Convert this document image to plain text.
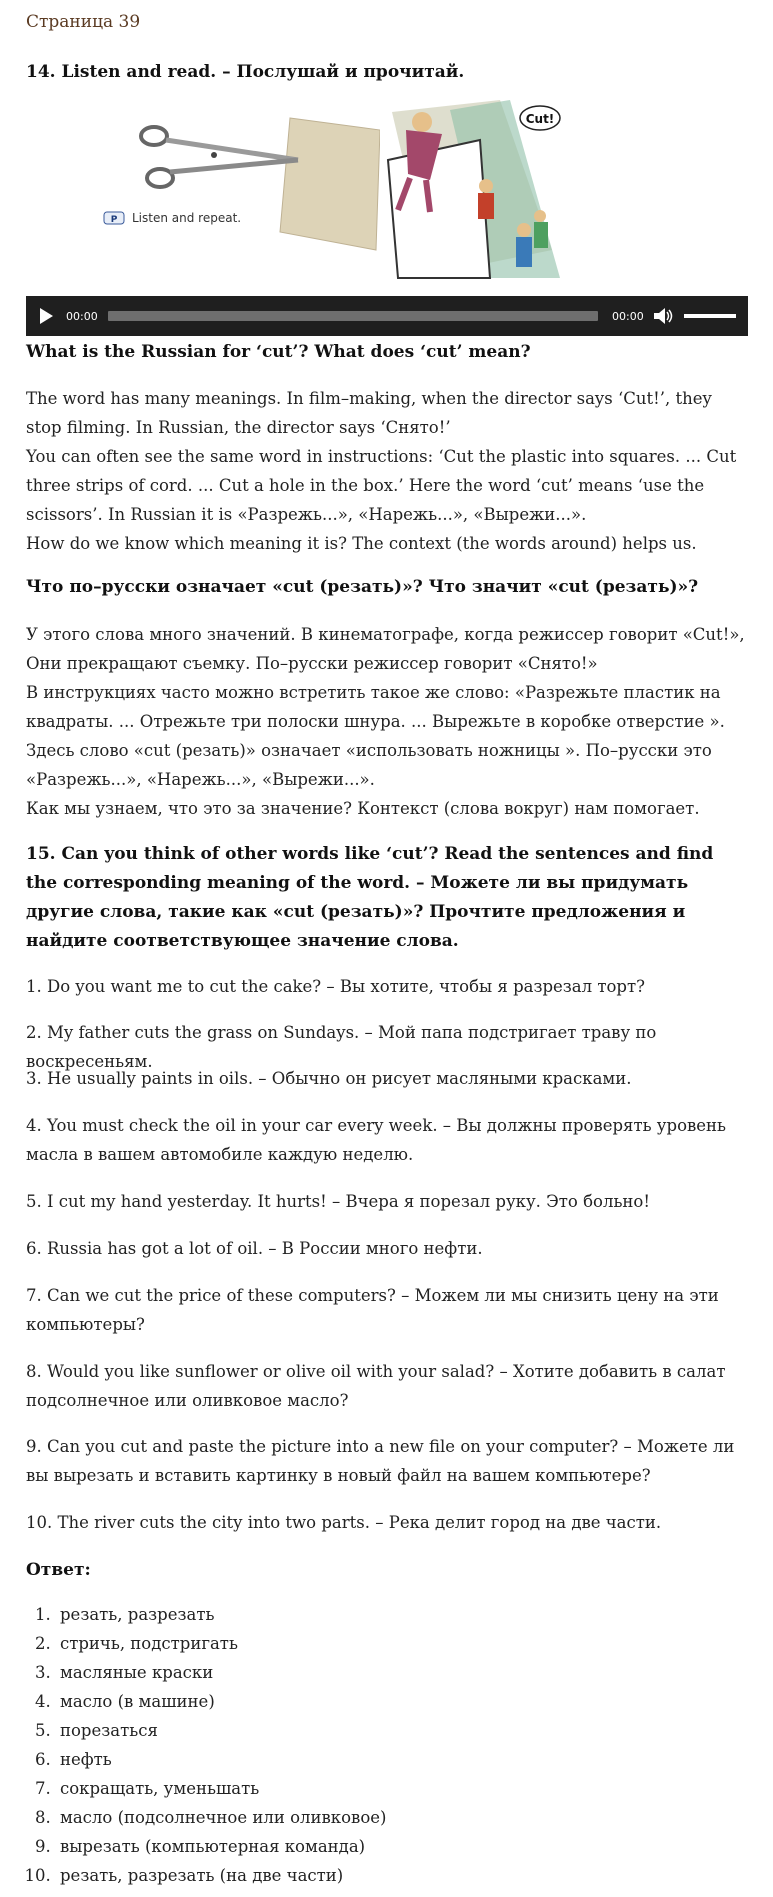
Страница 39
14. Listen and read. – Послушай и прочитай.
P Listen and repeat.
Cut!
00:00	00:00
What is the Russian for ‘cut’? What does ‘cut’ mean?
The word has many meanings. In film–making, when the director says ‘Cut!’, they stop filming. In Russian, the director says ‘Снято!’
You can often see the same word in instructions: ‘Cut the plastic into squares. ... Cut three strips of cord. ... Cut a hole in the box.’ Here the word ‘cut’ means ‘use the scissors’. In Russian it is «Разрежь...», «Нарежь...», «Вырежи...».
How do we know which meaning it is? The context (the words around) helps us.
Что по–русски означает «cut (резать)»? Что значит «cut (резать)»?
У этого слова много значений. В кинематографе, когда режиссер говорит «Cut!», Они прекращают съемку. По–русски режиссер говорит «Снято!»
В инструкциях часто можно встретить такое же слово: «Разрежьте пластик на квадраты. ... Отрежьте три полоски шнура. ... Вырежьте в коробке отверстие ». Здесь слово «cut (резать)» означает «использовать ножницы ». По–русски это «Разрежь...», «Нарежь...», «Вырежи...».
Как мы узнаем, что это за значение? Контекст (слова вокруг) нам помогает.
15. Can you think of other words like ‘cut’? Read the sentences and find the corresponding meaning of the word. – Можете ли вы придумать другие слова, такие как «cut (резать)»? Прочтите предложения и найдите соответствующее значение слова.
1. Do you want me to cut the cake? – Вы хотите, чтобы я разрезал торт?
2. My father cuts the grass on Sundays. – Мой папа подстригает траву по воскресеньям.
3. He usually paints in oils. – Обычно он рисует масляными красками.
4. You must check the oil in your car every week. – Вы должны проверять уровень масла в вашем автомобиле каждую неделю.
5. I cut my hand yesterday. It hurts! – Вчера я порезал руку. Это больно!
6. Russia has got a lot of oil. – В России много нефти.
7. Can we cut the price of these computers? – Можем ли мы снизить цену на эти компьютеры?
8. Would you like sunflower or olive oil with your salad? – Хотите добавить в салат подсолнечное или оливковое масло?
9. Can you cut and paste the picture into a new file on your computer? – Можете ли вы вырезать и вставить картинку в новый файл на вашем компьютере?
10. The river cuts the city into two parts. – Река делит город на две части.
Ответ:
1. резать, разрезать
2. стричь, подстригать
3. масляные краски
4. масло (в машине)
5. порезаться
6. нефть
7. сокращать, уменьшать
8. масло (подсолнечное или оливковое)
9. вырезать (компьютерная команда)
10. резать, разрезать (на две части)
